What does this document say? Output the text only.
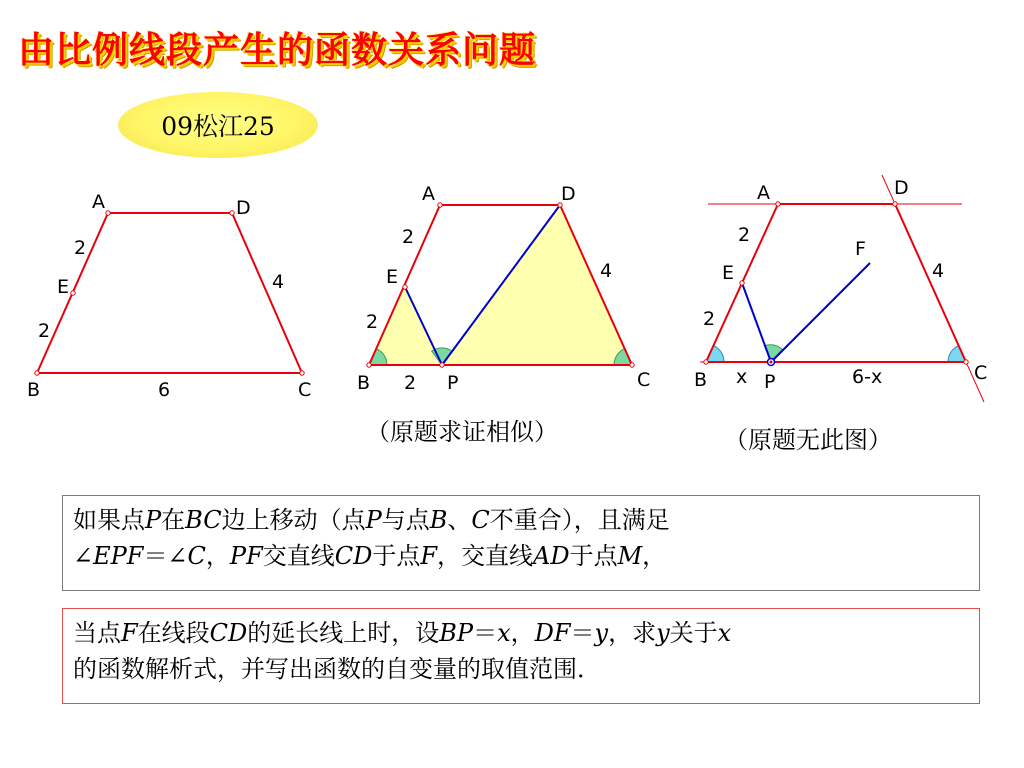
由比例线段产生的函数关系问题
09松江25
A	D
E
B	C
2
2
4
6
A	D
E
B	C
P
2
2
4
2
（原题求证相似）
A	D
E
B	C
P
F
2
2
4
x	6-x
（原题无此图）
如果点P在BC边上移动（点P与点B、C不重合），且满足
∠EPF＝∠C，PF交直线CD于点F，交直线AD于点M，
当点F在线段CD的延长线上时，设BP＝x，DF＝y，求y关于x
的函数解析式，并写出函数的自变量的取值范围．
